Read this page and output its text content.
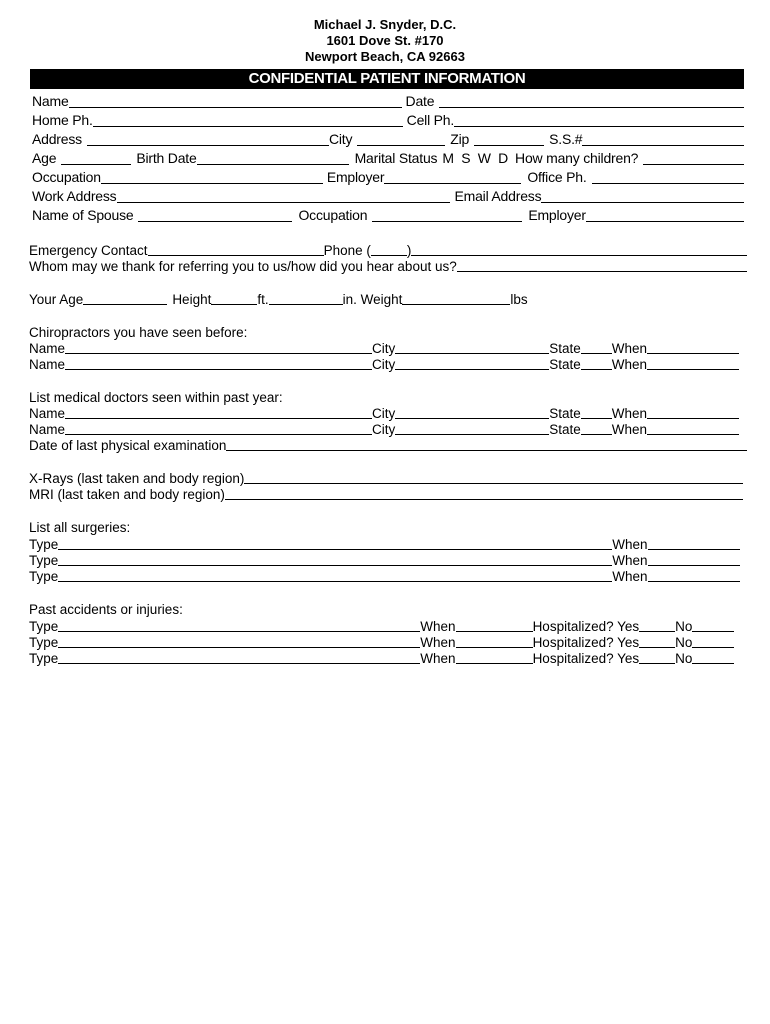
Michael J. Snyder, D.C.
1601 Dove St. #170
Newport Beach, CA 92663
CONFIDENTIAL PATIENT INFORMATION
Name	Date
Home Ph.	Cell Ph.
Address	City	Zip	S.S.#
Age	Birth Date	Marital Status M  S  W  D How many children?
Occupation	Employer	Office Ph.
Work Address	Email Address
Name of Spouse	Occupation	Employer
Emergency Contact	Phone (	)
Whom may we thank for referring you to us/how did you hear about us?
Your Age	Height	ft.	in. Weight	lbs
Chiropractors you have seen before:
Name	City	State When
Name	City	State When
List medical doctors seen within past year:
Name	City	State When
Name	City	State When
Date of last physical examination
X-Rays (last taken and body region)
MRI (last taken and body region)
List all surgeries:
Type	When
Type	When
Type	When
Past accidents or injuries:
Type	When	Hospitalized? Yes	No
Type	When	Hospitalized? Yes	No
Type	When	Hospitalized? Yes	No
